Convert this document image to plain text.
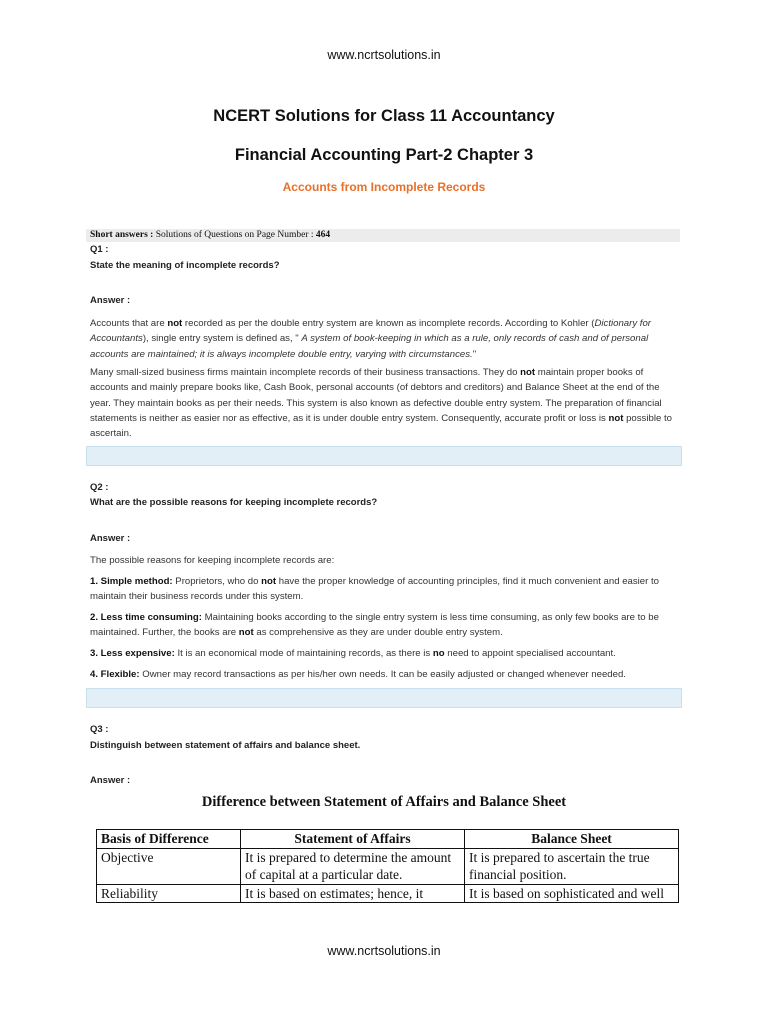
www.ncrtsolutions.in
NCERT Solutions for Class 11 Accountancy
Financial Accounting Part-2 Chapter 3
Accounts from Incomplete Records
Short answers : Solutions of Questions on Page Number : 464
Q1 :
State the meaning of incomplete records?
Answer :
Accounts that are not recorded as per the double entry system are known as incomplete records. According to Kohler (Dictionary for Accountants), single entry system is defined as, " A system of book-keeping in which as a rule, only records of cash and of personal accounts are maintained; it is always incomplete double entry, varying with circumstances."
Many small-sized business firms maintain incomplete records of their business transactions. They do not maintain proper books of accounts and mainly prepare books like, Cash Book, personal accounts (of debtors and creditors) and Balance Sheet at the end of the year. They maintain books as per their needs. This system is also known as defective double entry system. The preparation of financial statements is neither as easier nor as effective, as it is under double entry system. Consequently, accurate profit or loss is not possible to ascertain.
Q2 :
What are the possible reasons for keeping incomplete records?
Answer :
The possible reasons for keeping incomplete records are:
1. Simple method: Proprietors, who do not have the proper knowledge of accounting principles, find it much convenient and easier to maintain their business records under this system.
2. Less time consuming: Maintaining books according to the single entry system is less time consuming, as only few books are to be maintained. Further, the books are not as comprehensive as they are under double entry system.
3. Less expensive: It is an economical mode of maintaining records, as there is no need to appoint specialised accountant.
4. Flexible: Owner may record transactions as per his/her own needs. It can be easily adjusted or changed whenever needed.
Q3 :
Distinguish between statement of affairs and balance sheet.
Answer :
Difference between Statement of Affairs and Balance Sheet
Basis of Difference	Statement of Affairs	Balance Sheet
Objective	It is prepared to determine the amount of capital at a particular date.	It is prepared to ascertain the true financial position.
Reliability	It is based on estimates; hence, it	It is based on sophisticated and well
www.ncrtsolutions.in
